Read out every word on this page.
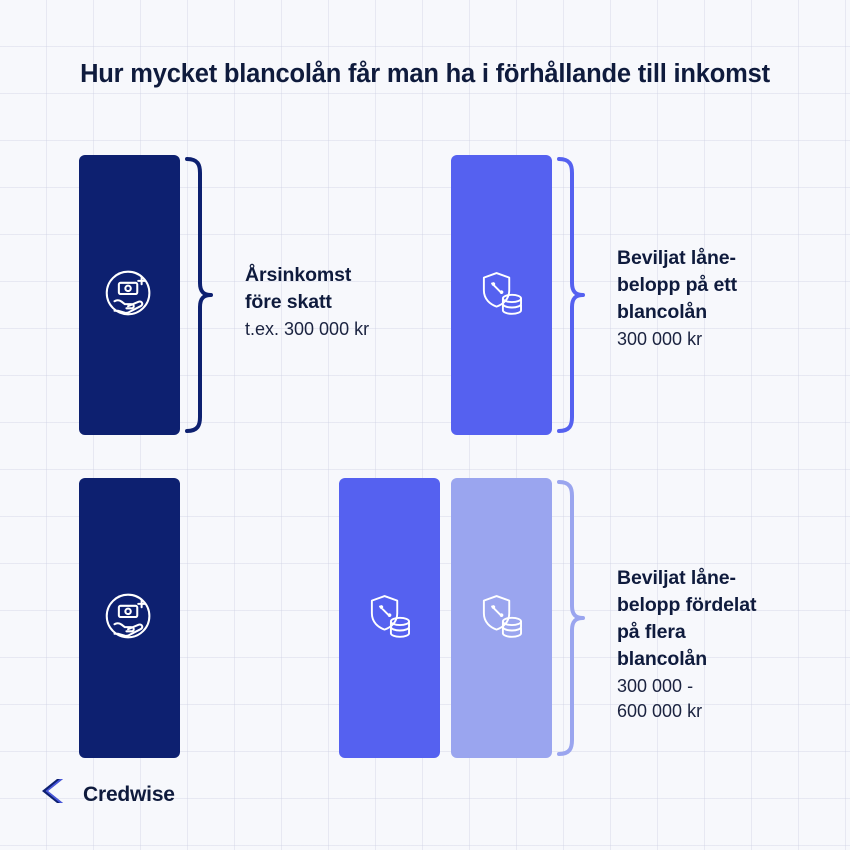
Hur mycket blancolån får man ha i förhållande till inkomst
Årsinkomst
före skatt
t.ex. 300 000 kr
Beviljat låne-
belopp på ett
blancolån
300 000 kr
Beviljat låne-
belopp fördelat
på flera
blancolån
300 000 -
600 000 kr
Credwise
